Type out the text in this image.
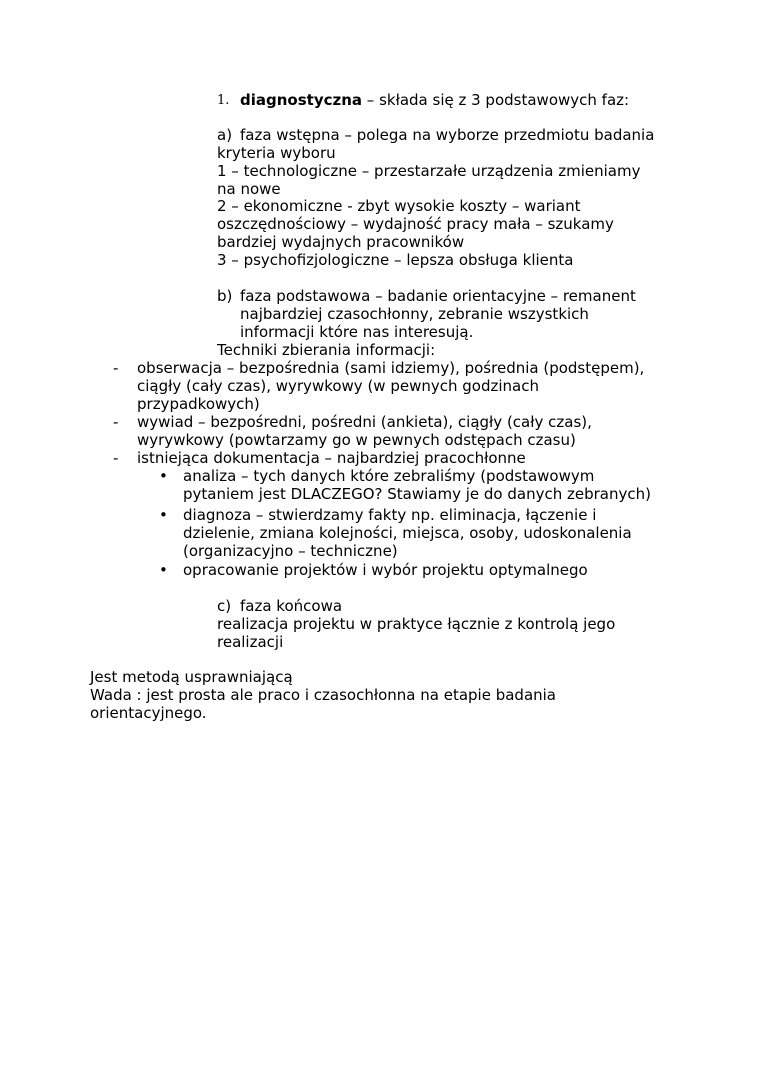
1. diagnostyczna – składa się z 3 podstawowych faz:
a) faza wstępna – polega na wyborze przedmiotu badania
kryteria wyboru
1 – technologiczne – przestarzałe urządzenia zmieniamy
na nowe
2 – ekonomiczne - zbyt wysokie koszty – wariant
oszczędnościowy – wydajność pracy mała – szukamy
bardziej wydajnych pracowników
3 – psychofizjologiczne – lepsza obsługa klienta
b) faza podstawowa – badanie orientacyjne – remanent
najbardziej czasochłonny, zebranie wszystkich
informacji które nas interesują.
Techniki zbierania informacji:
- obserwacja – bezpośrednia (sami idziemy), pośrednia (podstępem),
ciągły (cały czas), wyrywkowy (w pewnych godzinach
przypadkowych)
- wywiad – bezpośredni, pośredni (ankieta), ciągły (cały czas),
wyrywkowy (powtarzamy go w pewnych odstępach czasu)
- istniejąca dokumentacja – najbardziej pracochłonne
• analiza – tych danych które zebraliśmy (podstawowym
pytaniem jest DLACZEGO? Stawiamy je do danych zebranych)
• diagnoza – stwierdzamy fakty np. eliminacja, łączenie i
dzielenie, zmiana kolejności, miejsca, osoby, udoskonalenia
(organizacyjno – techniczne)
• opracowanie projektów i wybór projektu optymalnego
c) faza końcowa
realizacja projektu w praktyce łącznie z kontrolą jego
realizacji
Jest metodą usprawniającą
Wada : jest prosta ale praco i czasochłonna na etapie badania
orientacyjnego.
